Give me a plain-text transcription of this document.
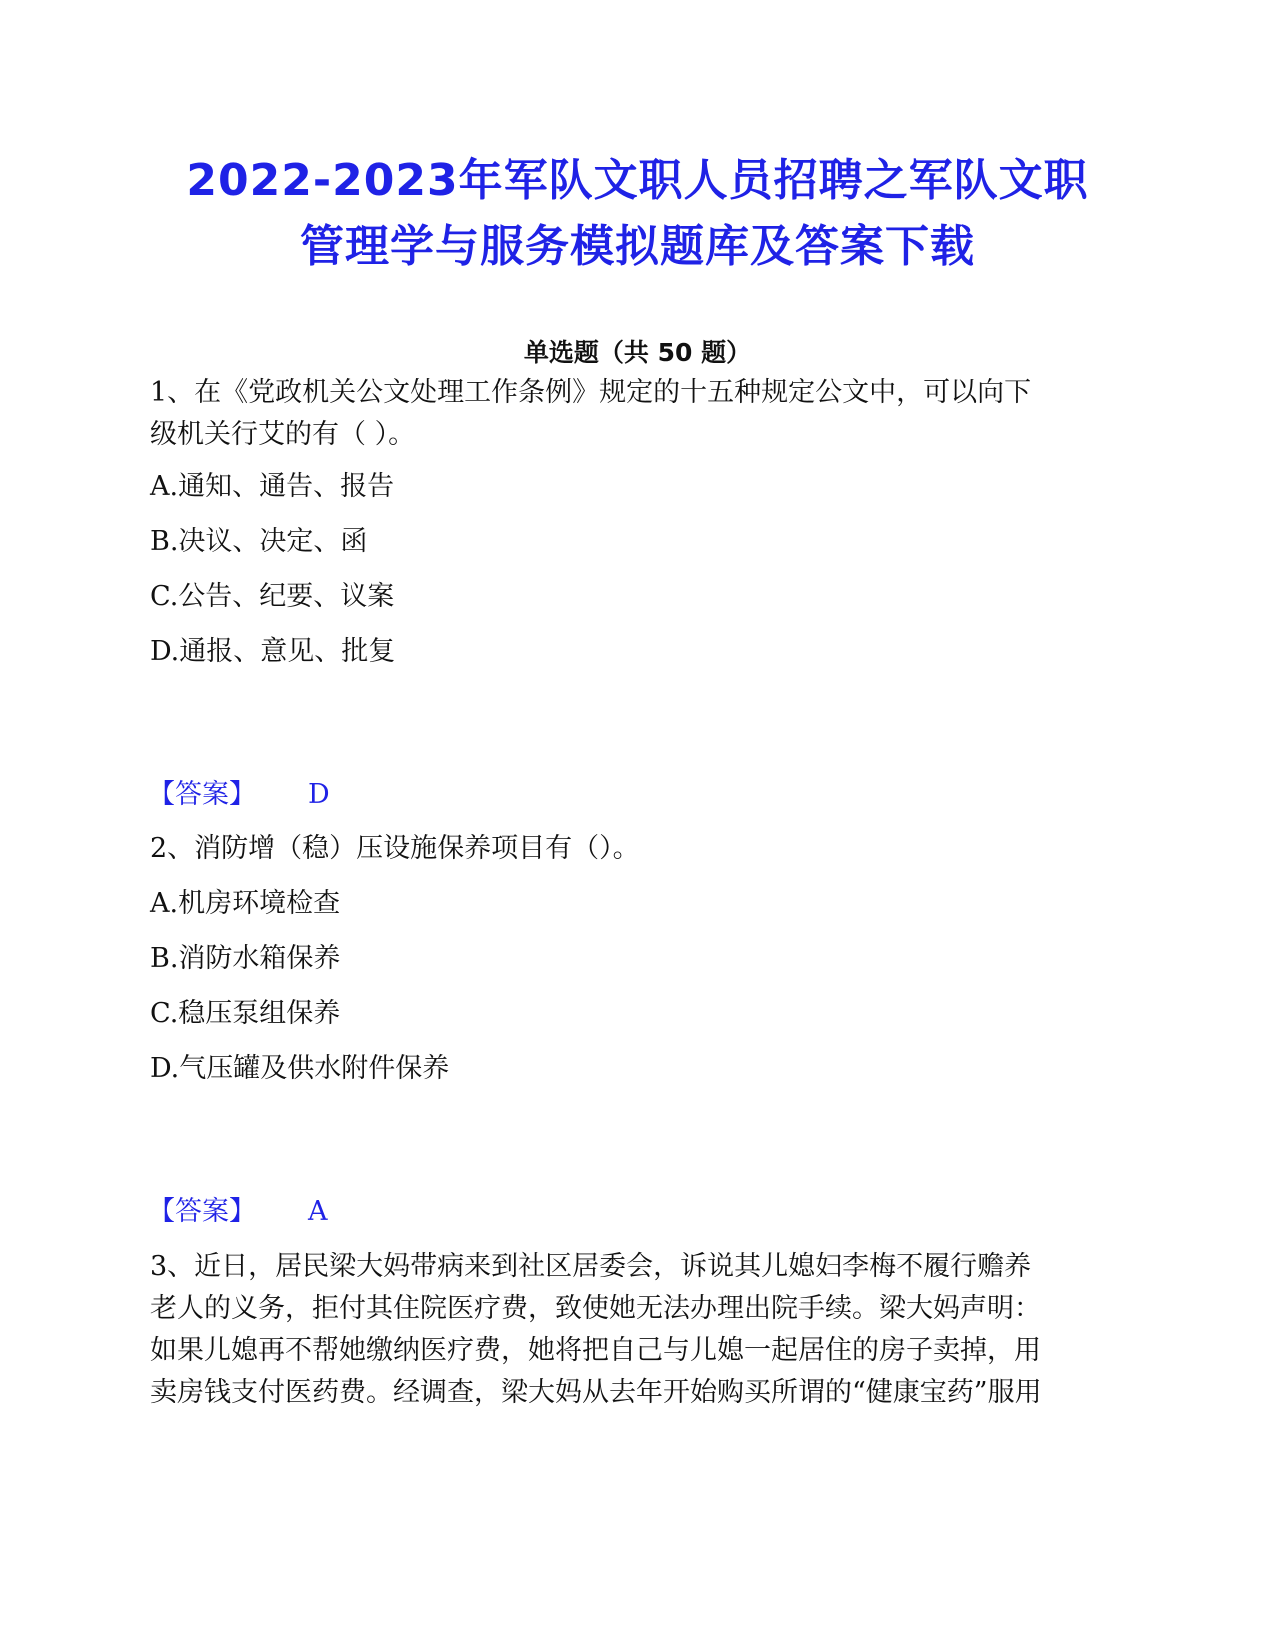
2022-2023年军队文职人员招聘之军队文职
管理学与服务模拟题库及答案下载
单选题（共 50 题）
1、在《党政机关公文处理工作条例》规定的十五种规定公文中，可以向下
级机关行艾的有（ ）。
A.通知、通告、报告
B.决议、决定、函
C.公告、纪要、议案
D.通报、意见、批复
【答案】 D
2、消防增（稳）压设施保养项目有（）。
A.机房环境检查
B.消防水箱保养
C.稳压泵组保养
D.气压罐及供水附件保养
【答案】 A
3、近日，居民梁大妈带病来到社区居委会，诉说其儿媳妇李梅不履行赡养
老人的义务，拒付其住院医疗费，致使她无法办理出院手续。梁大妈声明：
如果儿媳再不帮她缴纳医疗费，她将把自己与儿媳一起居住的房子卖掉，用
卖房钱支付医药费。经调查，梁大妈从去年开始购买所谓的“健康宝药”服用
